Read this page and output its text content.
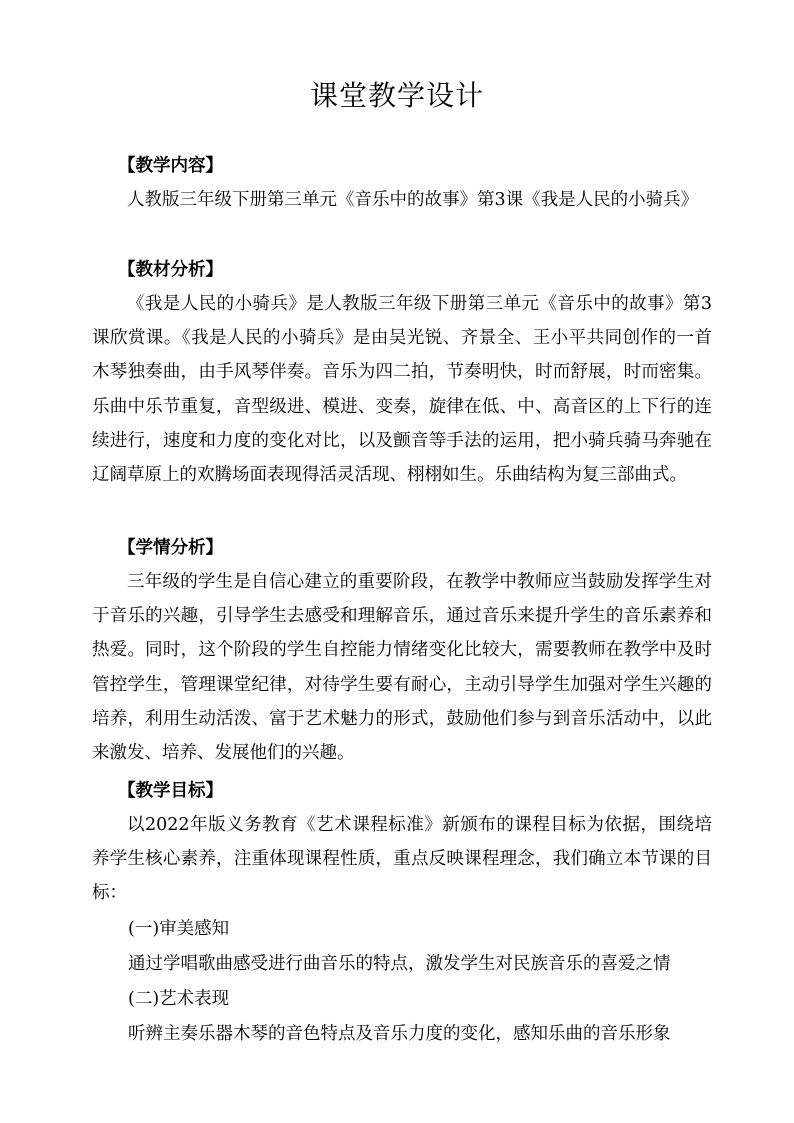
课堂教学设计
【教学内容】

人教版三年级下册第三单元《音乐中的故事》第3课《我是人民的小骑兵》

【教材分析】

《我是人民的小骑兵》是人教版三年级下册第三单元《音乐中的故事》第3课欣赏课。《我是人民的小骑兵》是由吴光锐、齐景全、王小平共同创作的一首木琴独奏曲，由手风琴伴奏。音乐为四二拍，节奏明快，时而舒展，时而密集。乐曲中乐节重复，音型级进、模进、变奏，旋律在低、中、高音区的上下行的连续进行，速度和力度的变化对比，以及颤音等手法的运用，把小骑兵骑马奔驰在辽阔草原上的欢腾场面表现得活灵活现、栩栩如生。乐曲结构为复三部曲式。

【学情分析】

三年级的学生是自信心建立的重要阶段，在教学中教师应当鼓励发挥学生对于音乐的兴趣，引导学生去感受和理解音乐，通过音乐来提升学生的音乐素养和热爱。同时，这个阶段的学生自控能力情绪变化比较大，需要教师在教学中及时管控学生，管理课堂纪律，对待学生要有耐心，主动引导学生加强对学生兴趣的培养，利用生动活泼、富于艺术魅力的形式，鼓励他们参与到音乐活动中，以此来激发、培养、发展他们的兴趣。

【教学目标】

以2022年版义务教育《艺术课程标准》新颁布的课程目标为依据，围绕培养学生核心素养，注重体现课程性质，重点反映课程理念，我们确立本节课的目标：

(一)审美感知
通过学唱歌曲感受进行曲音乐的特点，激发学生对民族音乐的喜爱之情
(二)艺术表现
听辨主奏乐器木琴的音色特点及音乐力度的变化，感知乐曲的音乐形象
